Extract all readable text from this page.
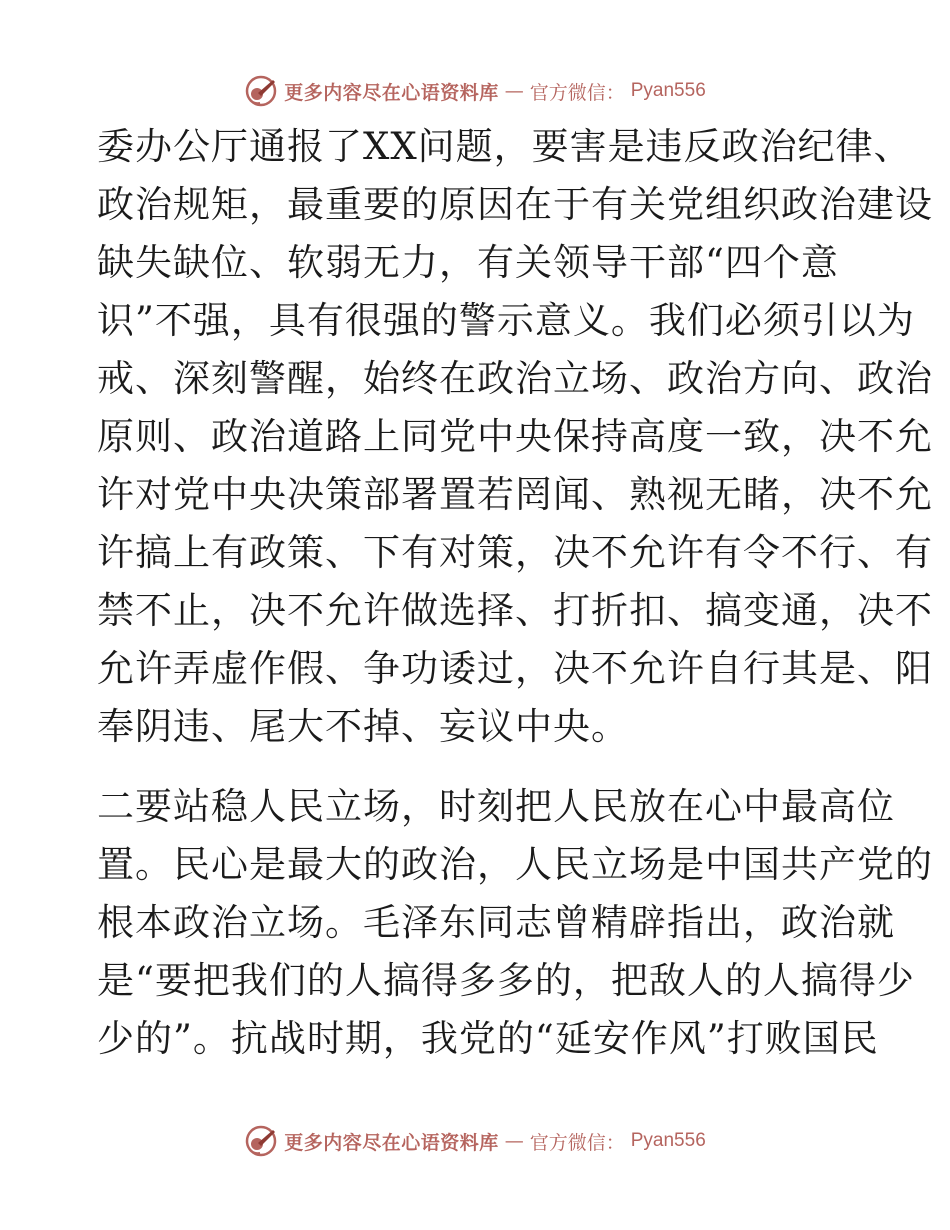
更多内容尽在心语资料库 — 官方微信： Pyan556
委办公厅通报了XX问题，要害是违反政治纪律、
政治规矩，最重要的原因在于有关党组织政治建设
缺失缺位、软弱无力，有关领导干部“四个意
识”不强，具有很强的警示意义。我们必须引以为
戒、深刻警醒，始终在政治立场、政治方向、政治
原则、政治道路上同党中央保持高度一致，决不允
许对党中央决策部署置若罔闻、熟视无睹，决不允
许搞上有政策、下有对策，决不允许有令不行、有
禁不止，决不允许做选择、打折扣、搞变通，决不
允许弄虚作假、争功诿过，决不允许自行其是、阳
奉阴违、尾大不掉、妄议中央。
二要站稳人民立场，时刻把人民放在心中最高位
置。民心是最大的政治，人民立场是中国共产党的
根本政治立场。毛泽东同志曾精辟指出，政治就
是“要把我们的人搞得多多的，把敌人的人搞得少
少的”。抗战时期，我党的“延安作风”打败国民
更多内容尽在心语资料库 — 官方微信： Pyan556
